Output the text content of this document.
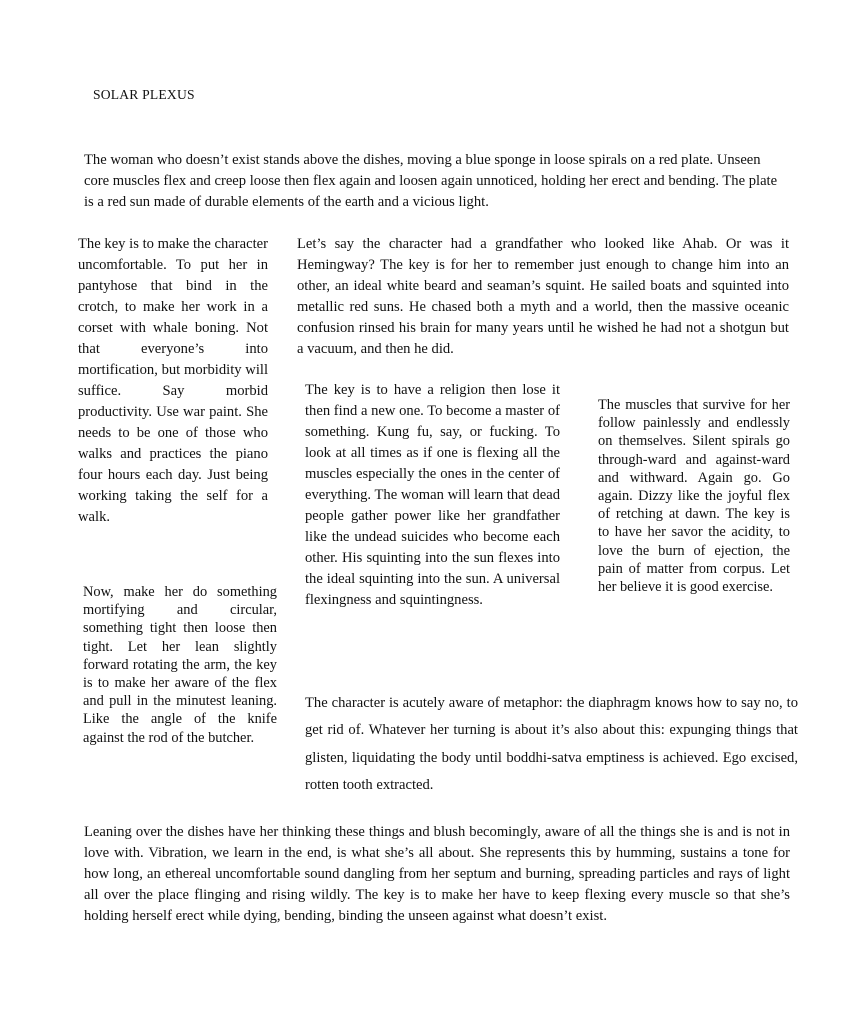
SOLAR PLEXUS

The woman who doesn’t exist stands above the dishes, moving a blue sponge in loose spirals on a red plate. Unseen core muscles flex and creep loose then flex again and loosen again unnoticed, holding her erect and bending. The plate is a red sun made of durable elements of the earth and a vicious light.

The key is to make the character uncomfortable. To put her in pantyhose that bind in the crotch, to make her work in a corset with whale boning. Not that everyone’s into mortification, but morbidity will suffice. Say morbid productivity. Use war paint. She needs to be one of those who walks and practices the piano four hours each day. Just being working taking the self for a walk.

Let’s say the character had a grandfather who looked like Ahab. Or was it Hemingway? The key is for her to remember just enough to change him into an other, an ideal white beard and seaman’s squint. He sailed boats and squinted into metallic red suns. He chased both a myth and a world, then the massive oceanic confusion rinsed his brain for many years until he wished he had not a shotgun but a vacuum, and then he did.

The key is to have a religion then lose it then find a new one. To become a master of something. Kung fu, say, or fucking. To look at all times as if one is flexing all the muscles especially the ones in the center of everything. The woman will learn that dead people gather power like her grandfather like the undead suicides who become each other. His squinting into the sun flexes into the ideal squinting into the sun. A universal flexingness and squintingness.

The muscles that survive for her follow painlessly and endlessly on themselves. Silent spirals go through-ward and against-ward and withward. Again go. Go again. Dizzy like the joyful flex of retching at dawn. The key is to have her savor the acidity, to love the burn of ejection, the pain of matter from corpus. Let her believe it is good exercise.

Now, make her do something mortifying and circular, something tight then loose then tight. Let her lean slightly forward rotating the arm, the key is to make her aware of the flex and pull in the minutest leaning. Like the angle of the knife against the rod of the butcher.

The character is acutely aware of metaphor: the diaphragm knows how to say no, to get rid of. Whatever her turning is about it’s also about this: expunging things that glisten, liquidating the body until boddhi-satva emptiness is achieved. Ego excised, rotten tooth extracted.

Leaning over the dishes have her thinking these things and blush becomingly, aware of all the things she is and is not in love with. Vibration, we learn in the end, is what she’s all about. She represents this by humming, sustains a tone for how long, an ethereal uncomfortable sound dangling from her septum and burning, spreading particles and rays of light all over the place flinging and rising wildly. The key is to make her have to keep flexing every muscle so that she’s holding herself erect while dying, bending, binding the unseen against what doesn’t exist.
